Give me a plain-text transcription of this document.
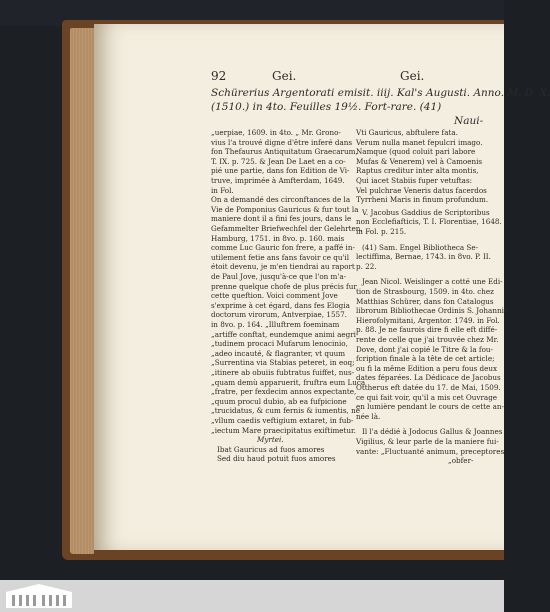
92	Gei.	Gei.
Schürerius Argentorati emisit. iiij. Kal's Augusti. Anno. M. D. X.
(1510.) in 4to. Feuilles 19½. Fort-rare. (41)
Naui-
„uerpiae, 1609. in 4to. „ Mr. Grono-
vius l'a trouvé digne d'être inferé dans
fon Thefaurus Antiquitatum Graecarum,
T. IX. p. 725. & Jean De Laet en a co-
pié une partie, dans fon Edition de Vi-
truve, imprimée à Amfterdam, 1649.
in Fol.
On a demandé des circonftances de la
Vie de Pomponius Gauricus & fur tout la
maniere dont il a fini fes jours, dans le
Gefammelter Briefwechfel der Gelehrten,
Hamburg, 1751. in 8vo. p. 160. mais
comme Luc Gauric fon frere, a paffé in-
utilement fetie ans fans favoir ce qu'il
étoit devenu, je m'en tiendrai au raport
de Paul Jove, jusqu'à-ce que l'on m'a-
prenne quelque chofe de plus précis fur
cette queftion. Voici comment Jove
s'exprime à cet égard, dans fes Elogia
doctorum virorum, Antverpiae, 1557.
in 8vo. p. 164. „Illuftrem foeminam
„artiffe conftat, eundemque animi aegri-
„tudinem procaci Mufarum lenocinio,
„adeo incauté, & flagranter, vt quum
„Surrentina via Stabias peteret, in eoq;
„itinere ab obuiis fubtratus fuiffet, nus-
„quam demù apparuerit, fruftra eum Luca
„fratre, per fexdecim annos expectante,
„quum procul dubio, ab ea fufpicione
„trucidatus, & cum fernis & iumentis, ne
„vllum caedis veftigium extaret, in fub-
„iectum Mare praecipitatus exiftimetur.
Myrtei.
Ibat Gauricus ad fuos amores
Sed diu haud potuit fuos amores
Vti Gauricus, abftulere fata.
Verum nulla manet fepulcri imago.
Namque (quod coluit pari labore
Mufas & Venerem) vel à Camoenis
Raptus creditur inter alta montis,
Qui iacet Stabiis fuper vetuftas:
Vel pulchrae Veneris datus facerdos
Tyrrheni Maris in finum profundum.
V. Jacobus Gaddius de Scriptoribus
non Ecclefiafticis, T. I. Florentiae, 1648.
in Fol. p. 215.
(41) Sam. Engel Bibliotheca Se-
lectiffima, Bernae, 1743. in 8vo. P. II.
p. 22.
Jean Nicol. Weislinger a cotté une Edi-
tion de Strasbourg, 1509. in 4to. chez
Matthias Schürer, dans fon Catalogus
librorum Bibliothecae Ordinis S. Johannis
Hierofolymitani, Argentor. 1749. in Fol.
p. 88. Je ne faurois dire fi elle eft diffé-
rente de celle que j'ai trouvée chez Mr.
Dove, dont j'ai copié le Titre & la fou-
fcription finale à la tête de cet article;
ou fi la même Edition a peru fous deux
dates féparées. La Dédicace de Jacobus
Ottherus eft datée du 17. de Mai, 1509.
ce qui fait voir, qu'il a mis cet Ouvrage
en lumière pendant le cours de cette an-
née là.
Il l'a dédié à Jodocus Gallus & Joannes
Vigilius, & leur parle de la maniere fui-
vante: „Fluctuanté animum, preceptores
„obfer-
